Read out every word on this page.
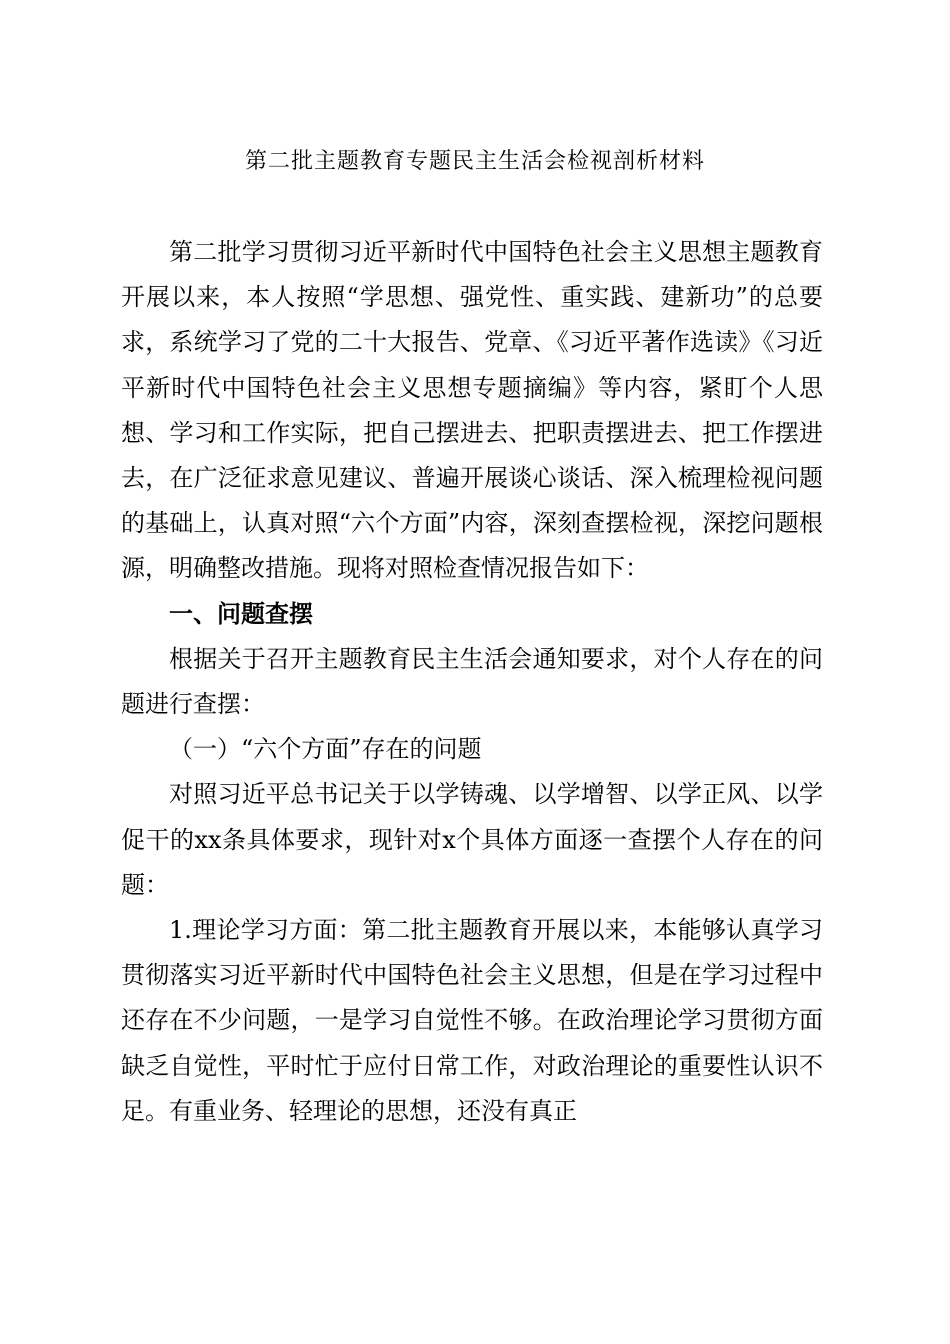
第二批主题教育专题民主生活会检视剖析材料

第二批学习贯彻习近平新时代中国特色社会主义思想主题教育开展以来，本人按照“学思想、强党性、重实践、建新功”的总要求，系统学习了党的二十大报告、党章、《习近平著作选读》《习近平新时代中国特色社会主义思想专题摘编》等内容，紧盯个人思想、学习和工作实际，把自己摆进去、把职责摆进去、把工作摆进去，在广泛征求意见建议、普遍开展谈心谈话、深入梳理检视问题的基础上，认真对照“六个方面”内容，深刻查摆检视，深挖问题根源，明确整改措施。现将对照检查情况报告如下：

一、问题查摆

根据关于召开主题教育民主生活会通知要求，对个人存在的问题进行查摆：

（一）“六个方面”存在的问题

对照习近平总书记关于以学铸魂、以学增智、以学正风、以学促干的xx条具体要求，现针对x个具体方面逐一查摆个人存在的问题：

1.理论学习方面：第二批主题教育开展以来，本能够认真学习贯彻落实习近平新时代中国特色社会主义思想，但是在学习过程中还存在不少问题，一是学习自觉性不够。在政治理论学习贯彻方面缺乏自觉性，平时忙于应付日常工作，对政治理论的重要性认识不足。有重业务、轻理论的思想，还没有真正
